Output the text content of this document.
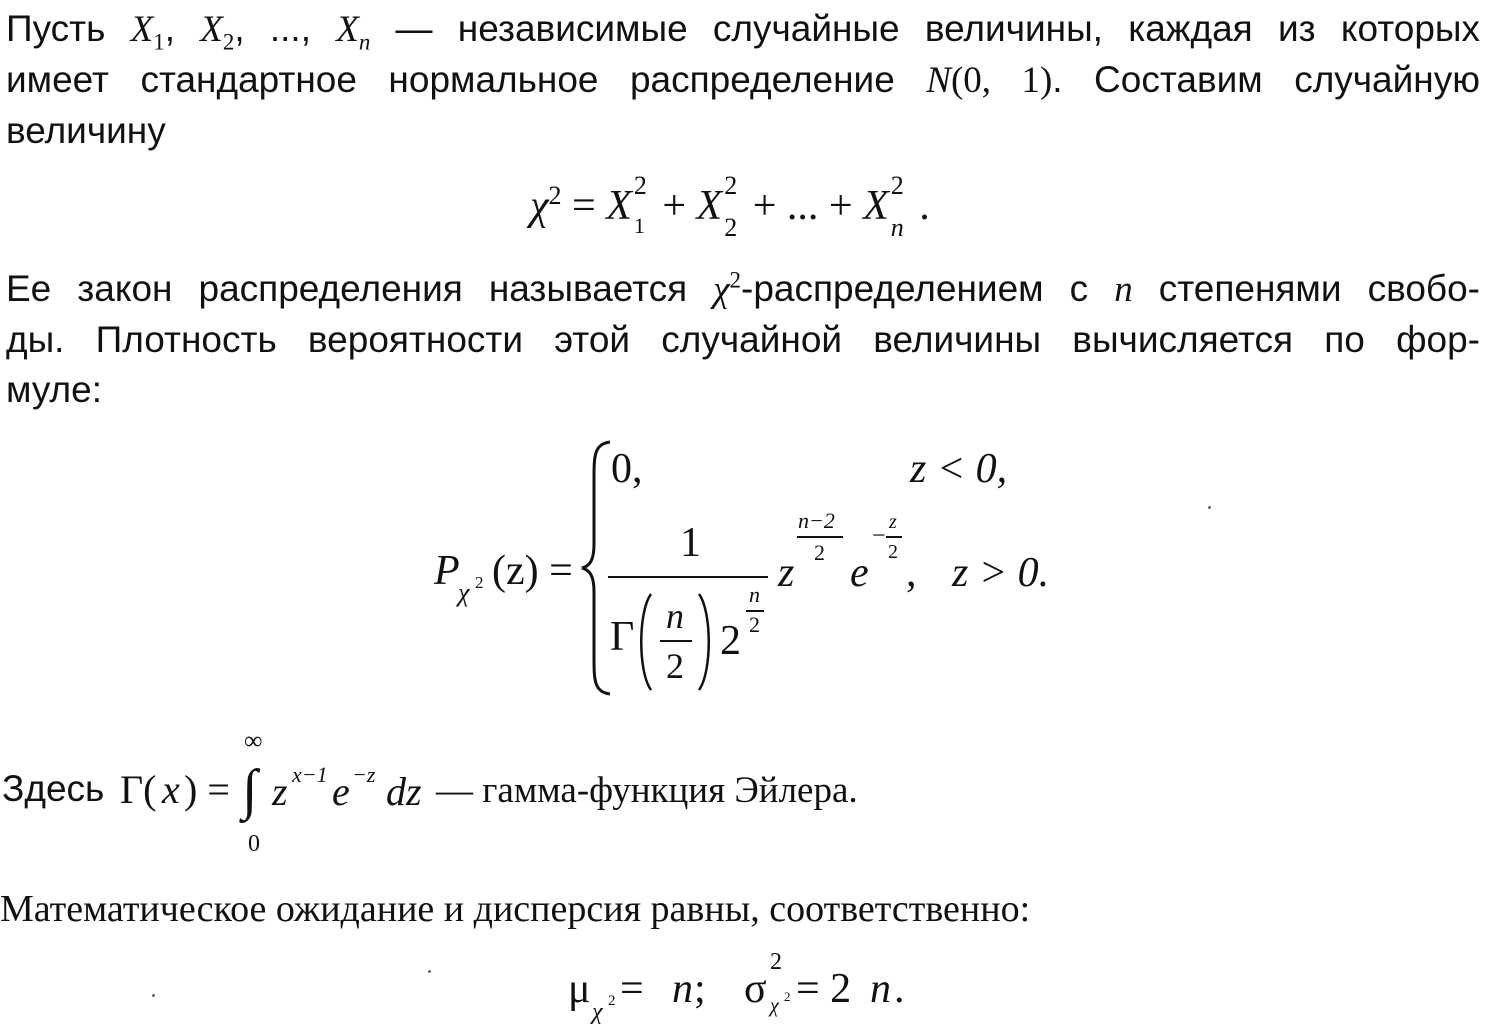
Пусть $X_1$, $X_2$, ..., $X_n$ — независимые случайные величины, каждая из которых
имеет стандартное нормальное распределение N(0, 1). Составим случайную
величину
$\chi^2 = X$ 2
1 + X 2
2 + ... + X 2
n .
Ее закон распределения называется $\chi^2$-распределением с n степенями свобо-
ды. Плотность вероятности этой случайной величины вычисляется по фор-
муле:
P
χ 2 (z) =
0,	z < 0,
1
Γ n
2
2
n
2
z
n−2
2 e
−
z
2 , z > 0.
Здесь Γ( x ) = ∫
∞
0
z x−1 e −z dz — гамма-функция Эйлера.
Математическое ожидание и дисперсия равны, соответственно:
μ χ 2 = n ; σ
2
χ 2 = 2 n .
